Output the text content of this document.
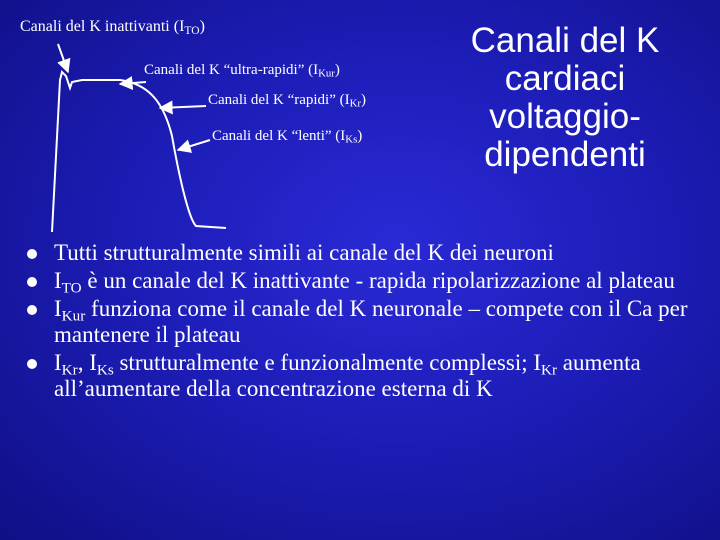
Canali del K inattivanti $(I_{TO})$
Canali del K “ultra-rapidi” $(I_{Kur})$
Canali del K “rapidi” $(I_{Kr})$
Canali del K “lenti” $(I_{Ks})$
Canali del K
cardiaci
voltaggio-
dipendenti
Tutti strutturalmente simili ai canale del K dei neuroni
$I_{TO}$ è un canale del K inattivante - rapida ripolarizzazione al plateau
$I_{Kur}$ funziona come il canale del K neuronale – compete con il Ca per mantenere il plateau
$I_{Kr}$, $I_{Ks}$ strutturalmente e funzionalmente complessi; $I_{Kr}$ aumenta all’aumentare della concentrazione esterna di K
